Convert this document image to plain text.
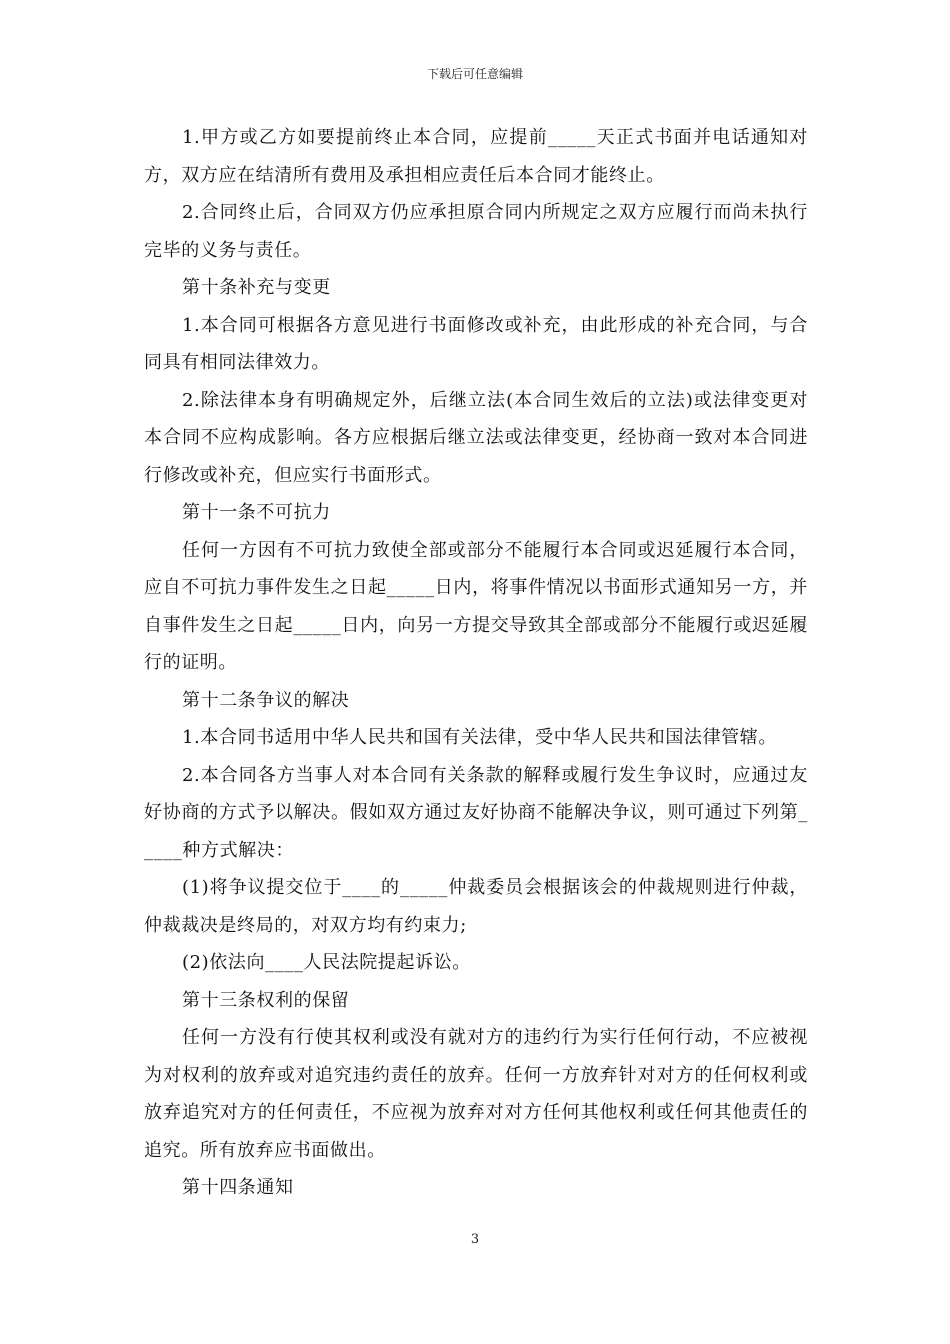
下载后可任意编辑

1.甲方或乙方如要提前终止本合同，应提前_____天正式书面并电话通知对方，双方应在结清所有费用及承担相应责任后本合同才能终止。

2.合同终止后，合同双方仍应承担原合同内所规定之双方应履行而尚未执行完毕的义务与责任。

第十条补充与变更

1.本合同可根据各方意见进行书面修改或补充，由此形成的补充合同，与合同具有相同法律效力。

2.除法律本身有明确规定外，后继立法(本合同生效后的立法)或法律变更对本合同不应构成影响。各方应根据后继立法或法律变更，经协商一致对本合同进行修改或补充，但应实行书面形式。

第十一条不可抗力

任何一方因有不可抗力致使全部或部分不能履行本合同或迟延履行本合同，应自不可抗力事件发生之日起_____日内，将事件情况以书面形式通知另一方，并自事件发生之日起_____日内，向另一方提交导致其全部或部分不能履行或迟延履行的证明。

第十二条争议的解决

1.本合同书适用中华人民共和国有关法律，受中华人民共和国法律管辖。

2.本合同各方当事人对本合同有关条款的解释或履行发生争议时，应通过友好协商的方式予以解决。假如双方通过友好协商不能解决争议，则可通过下列第_____种方式解决：

(1)将争议提交位于____的_____仲裁委员会根据该会的仲裁规则进行仲裁，仲裁裁决是终局的，对双方均有约束力;

(2)依法向____人民法院提起诉讼。

第十三条权利的保留

任何一方没有行使其权利或没有就对方的违约行为实行任何行动，不应被视为对权利的放弃或对追究违约责任的放弃。任何一方放弃针对对方的任何权利或放弃追究对方的任何责任，不应视为放弃对对方任何其他权利或任何其他责任的追究。所有放弃应书面做出。

第十四条通知

3
